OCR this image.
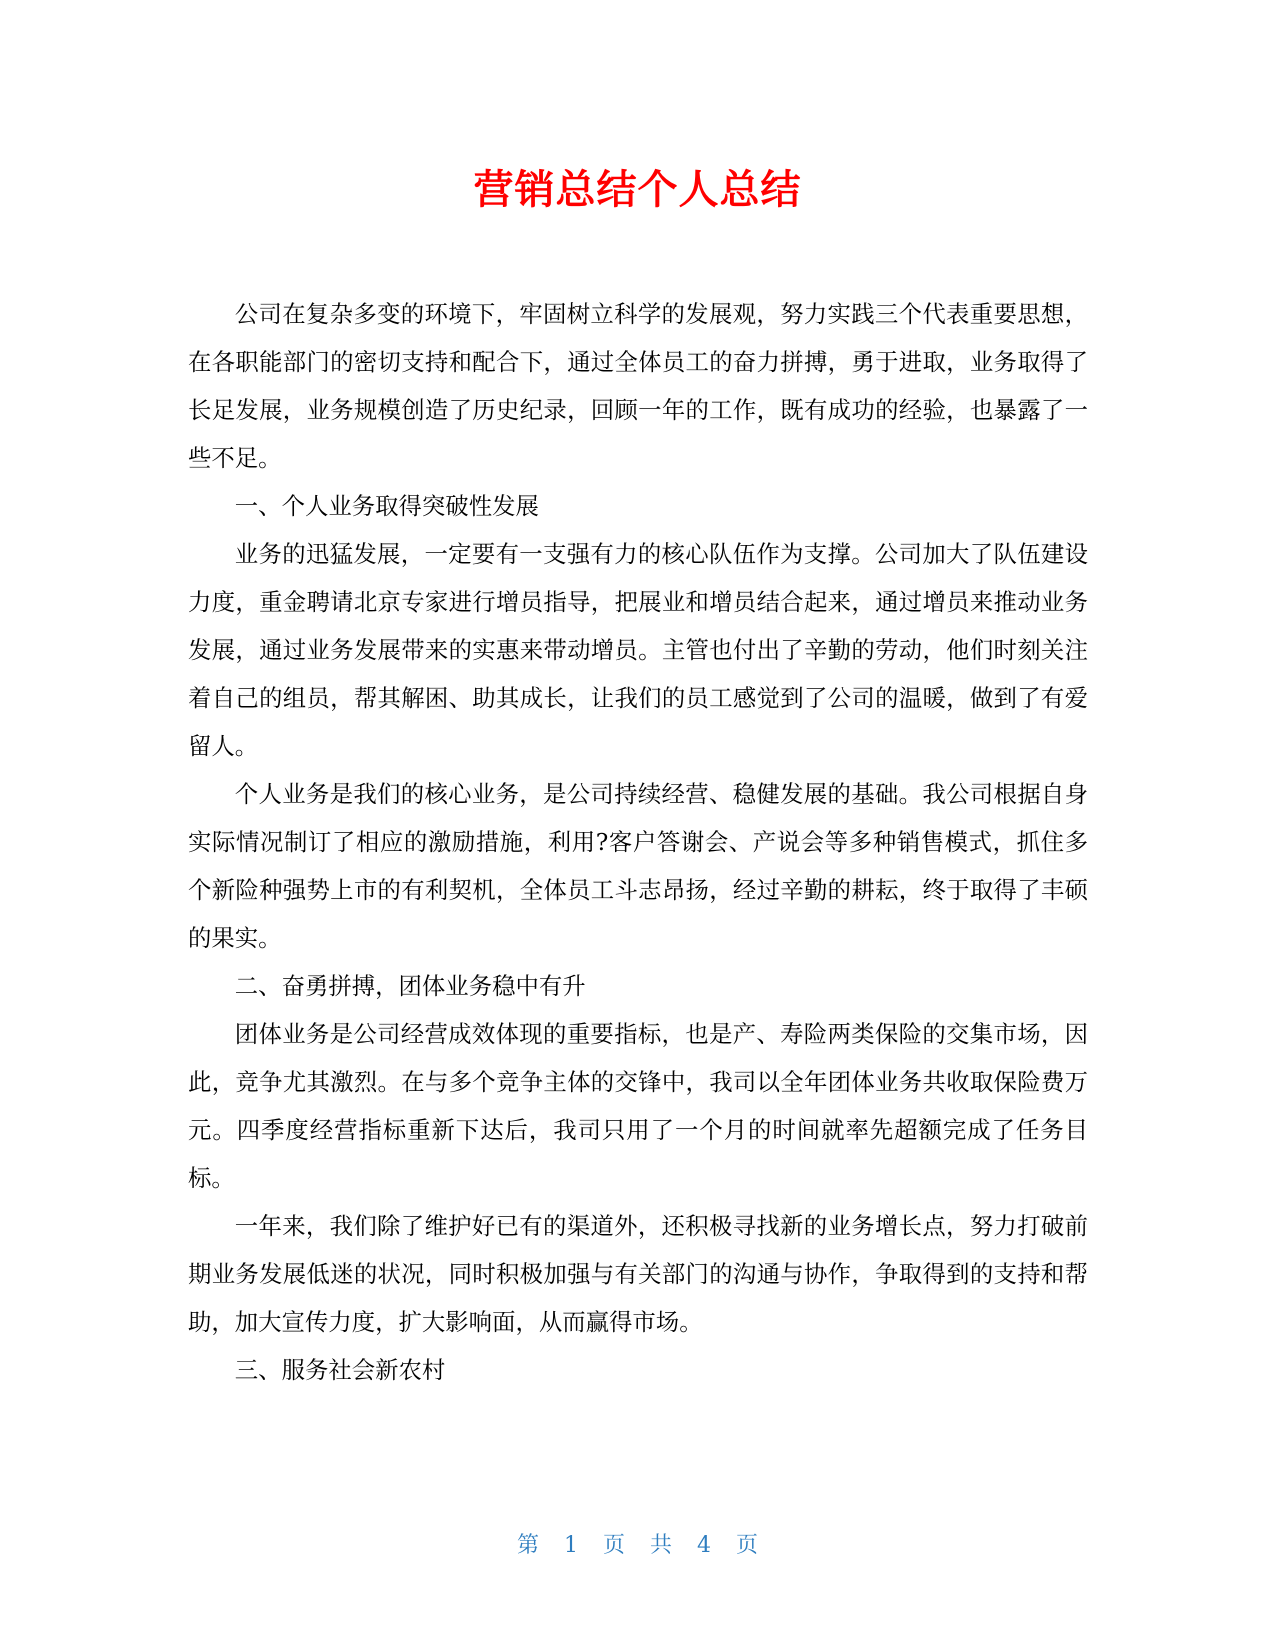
营销总结个人总结

公司在复杂多变的环境下，牢固树立科学的发展观，努力实践三个代表重要思想，在各职能部门的密切支持和配合下，通过全体员工的奋力拼搏，勇于进取，业务取得了长足发展，业务规模创造了历史纪录，回顾一年的工作，既有成功的经验，也暴露了一些不足。

一、个人业务取得突破性发展

业务的迅猛发展，一定要有一支强有力的核心队伍作为支撑。公司加大了队伍建设力度，重金聘请北京专家进行增员指导，把展业和增员结合起来，通过增员来推动业务发展，通过业务发展带来的实惠来带动增员。主管也付出了辛勤的劳动，他们时刻关注着自己的组员，帮其解困、助其成长，让我们的员工感觉到了公司的温暖，做到了有爱留人。

个人业务是我们的核心业务，是公司持续经营、稳健发展的基础。我公司根据自身实际情况制订了相应的激励措施，利用?客户答谢会、产说会等多种销售模式，抓住多个新险种强势上市的有利契机，全体员工斗志昂扬，经过辛勤的耕耘，终于取得了丰硕的果实。

二、奋勇拼搏，团体业务稳中有升

团体业务是公司经营成效体现的重要指标，也是产、寿险两类保险的交集市场，因此，竞争尤其激烈。在与多个竞争主体的交锋中，我司以全年团体业务共收取保险费万元。四季度经营指标重新下达后，我司只用了一个月的时间就率先超额完成了任务目标。

一年来，我们除了维护好已有的渠道外，还积极寻找新的业务增长点，努力打破前期业务发展低迷的状况，同时积极加强与有关部门的沟通与协作，争取得到的支持和帮助，加大宣传力度，扩大影响面，从而赢得市场。

三、服务社会新农村

第 1 页 共 4 页
